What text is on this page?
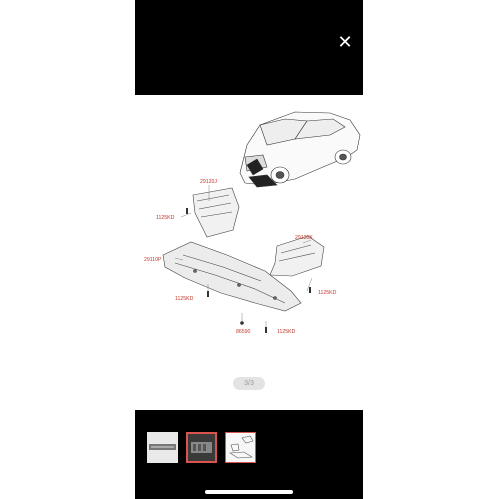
✕
29120J
1125KD
29130K
29110P
1125KD
1125KD
86590	1125KD
3/3
